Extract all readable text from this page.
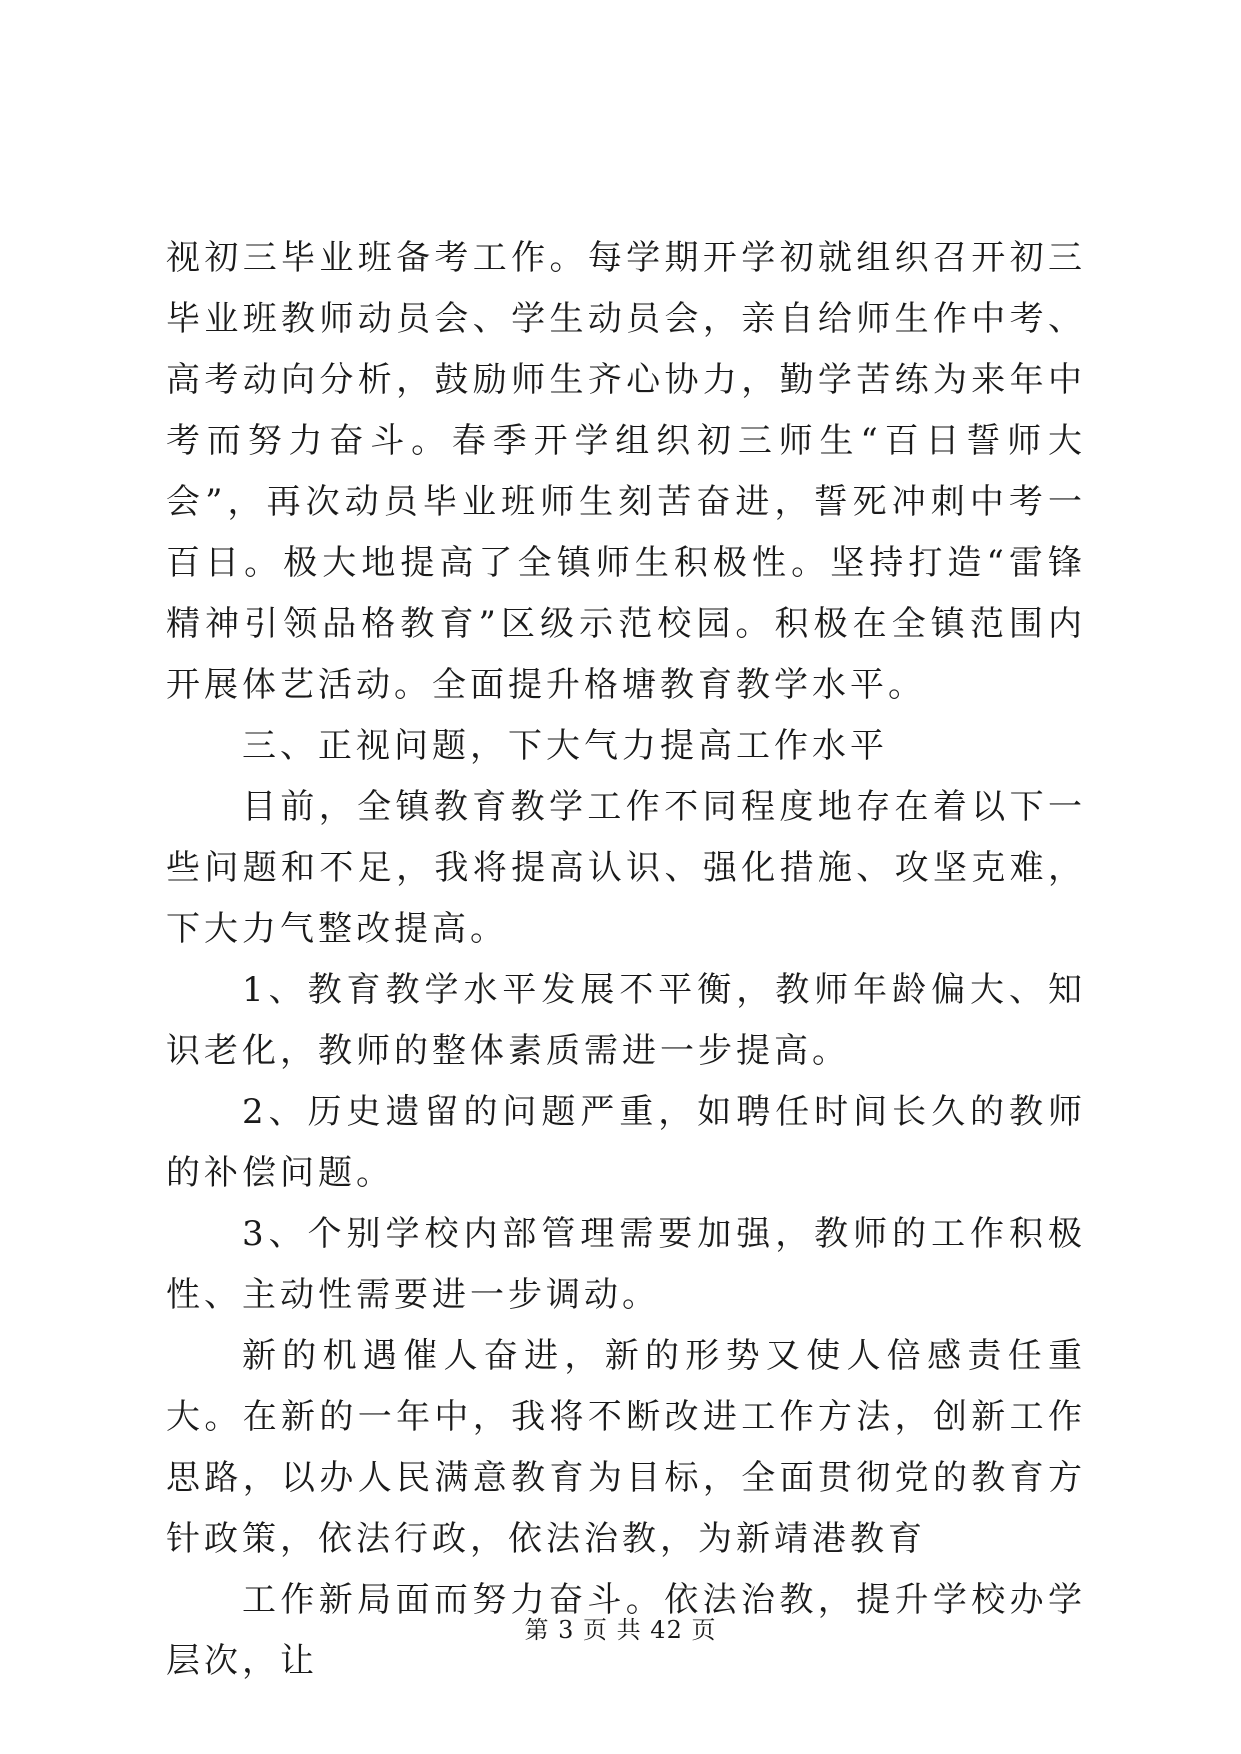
视初三毕业班备考工作。每学期开学初就组织召开初三毕业班教师动员会、学生动员会，亲自给师生作中考、高考动向分析，鼓励师生齐心协力，勤学苦练为来年中考而努力奋斗。春季开学组织初三师生“百日誓师大会”，再次动员毕业班师生刻苦奋进，誓死冲刺中考一百日。极大地提高了全镇师生积极性。坚持打造“雷锋精神引领品格教育”区级示范校园。积极在全镇范围内开展体艺活动。全面提升格塘教育教学水平。

三、正视问题，下大气力提高工作水平

目前，全镇教育教学工作不同程度地存在着以下一些问题和不足，我将提高认识、强化措施、攻坚克难，下大力气整改提高。

1、教育教学水平发展不平衡，教师年龄偏大、知识老化，教师的整体素质需进一步提高。

2、历史遗留的问题严重，如聘任时间长久的教师的补偿问题。

3、个别学校内部管理需要加强，教师的工作积极性、主动性需要进一步调动。

新的机遇催人奋进，新的形势又使人倍感责任重大。在新的一年中，我将不断改进工作方法，创新工作思路，以办人民满意教育为目标，全面贯彻党的教育方针政策，依法行政，依法治教，为新靖港教育

工作新局面而努力奋斗。依法治教，提升学校办学层次，让

第 3 页 共 42 页
